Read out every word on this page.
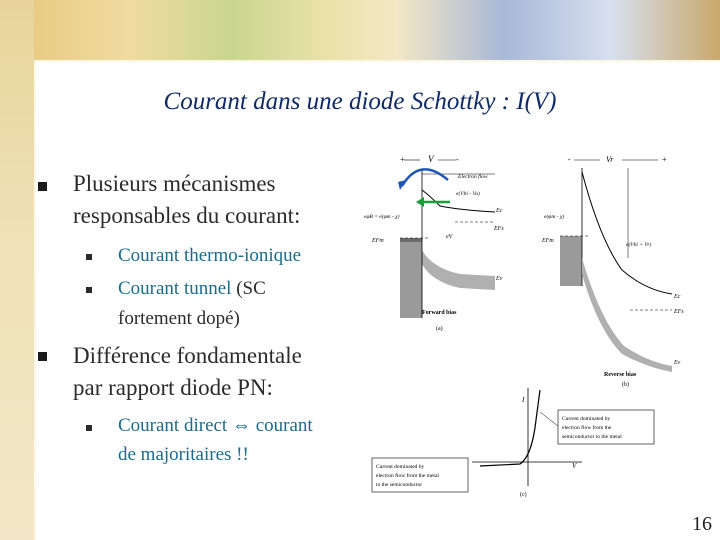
Courant dans une diode Schottky : I(V)
Plusieurs mécanismes
responsables du courant:
Courant thermo-ionique
Courant tunnel (SC
fortement dopé)
Différence fondamentale
par rapport diode PN:
Courant direct ⇔ courant
de majoritaires !!
+	V	-
Electron flow
e(Vbi - Va)
eφB = e(φm - χ)
Ec
EFs
EFm
eV
Ev
Forward bias
(a)
-	Vr	+
e(φm - χ)
EFm
e(Vbi + Vr)
Ec
EFs
Ev
Reverse bias
(b)
I
V
Current dominated by
electron flow from the
semiconductor to the metal
Current dominated by
electron flow from the metal
to the semiconductor
(c)
16
